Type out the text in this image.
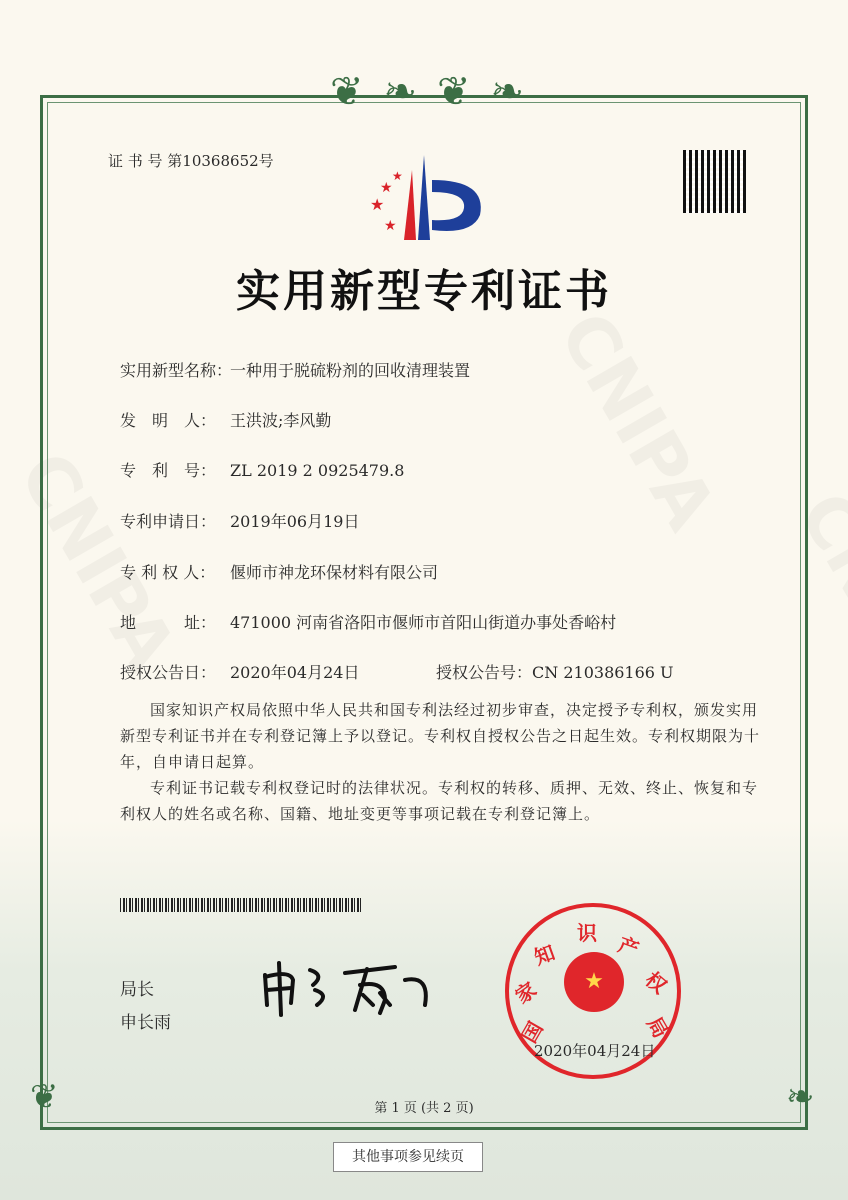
❦❧❦❧
❦	❧
证 书 号 第10368652号
★
★
★
★
实用新型专利证书
实用新型名称：一种用于脱硫粉剂的回收清理装置
发　明　人： 王洪波;李风勤
专　利　号： ZL 2019 2 0925479.8
专利申请日： 2019年06月19日
专 利 权 人： 偃师市神龙环保材料有限公司
地　　　址： 471000 河南省洛阳市偃师市首阳山街道办事处香峪村
授权公告日： 2020年04月24日	授权公告号：CN 210386166 U
国家知识产权局依照中华人民共和国专利法经过初步审查，决定授予专利权，颁发实用新型专利证书并在专利登记簿上予以登记。专利权自授权公告之日起生效。专利权期限为十年，自申请日起算。
专利证书记载专利权登记时的法律状况。专利权的转移、质押、无效、终止、恢复和专利权人的姓名或名称、国籍、地址变更等事项记载在专利登记簿上。
局长
申长雨	国
家
知
识 产
权
局
★
2020年04月24日
第 1 页 (共 2 页)
其他事项参见续页
